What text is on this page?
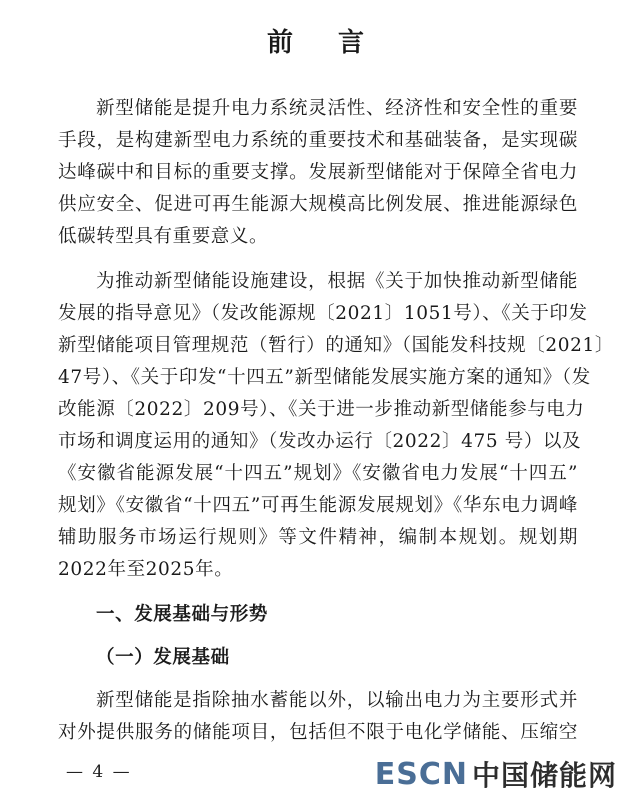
前 言
新型储能是提升电力系统灵活性、经济性和安全性的重要
手段，是构建新型电力系统的重要技术和基础装备，是实现碳
达峰碳中和目标的重要支撑。发展新型储能对于保障全省电力
供应安全、促进可再生能源大规模高比例发展、推进能源绿色
低碳转型具有重要意义。
为推动新型储能设施建设，根据《关于加快推动新型储能
发展的指导意见》（发改能源规〔2021〕1051号）、《关于印发
新型储能项目管理规范（暂行）的通知》（国能发科技规〔2021〕
47号）、《关于印发“十四五”新型储能发展实施方案的通知》（发
改能源〔2022〕209号）、《关于进一步推动新型储能参与电力
市场和调度运用的通知》（发改办运行〔2022〕475 号）以及
《安徽省能源发展“十四五”规划》《安徽省电力发展“十四五”
规划》《安徽省“十四五”可再生能源发展规划》《华东电力调峰
辅助服务市场运行规则》等文件精神，编制本规划。规划期
2022年至2025年。
一、发展基础与形势
（一）发展基础
新型储能是指除抽水蓄能以外，以输出电力为主要形式并
对外提供服务的储能项目，包括但不限于电化学储能、压缩空
— 4 —	ESCN 中国储能网
